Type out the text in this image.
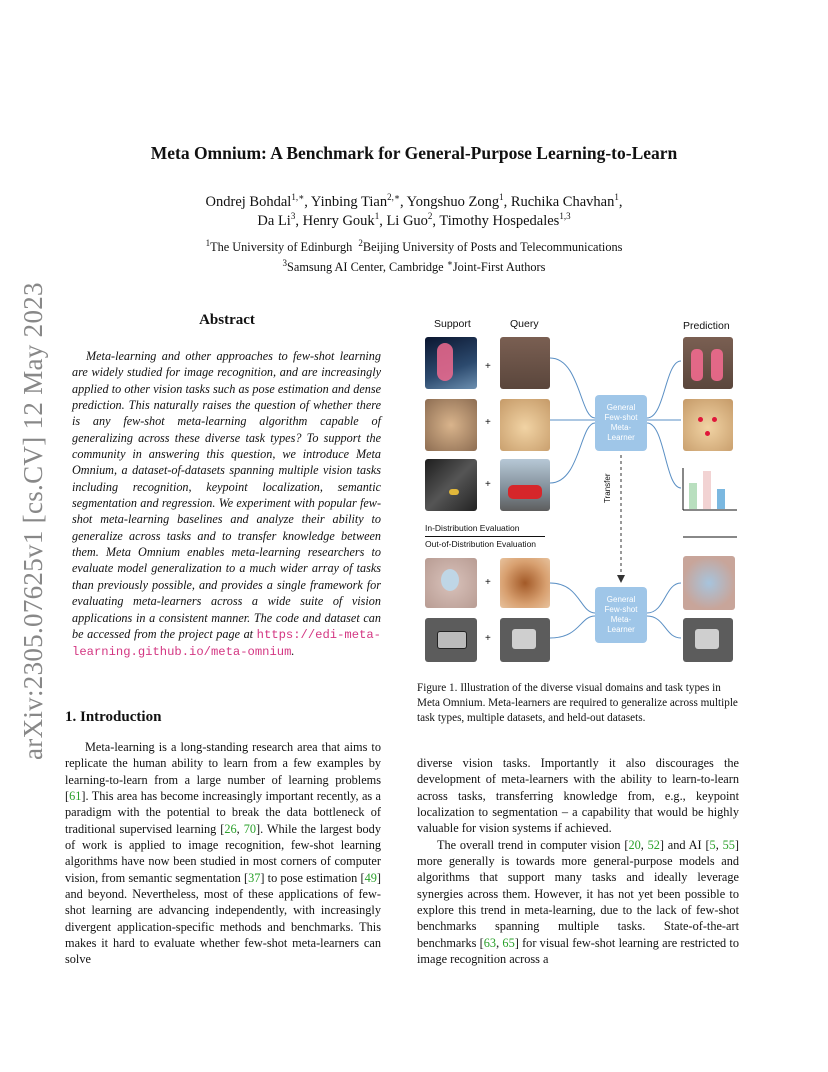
arXiv:2305.07625v1 [cs.CV] 12 May 2023
Meta Omnium: A Benchmark for General-Purpose Learning-to-Learn
Ondrej Bohdal$^{1,∗}$, Yinbing Tian$^{2,∗}$, Yongshuo Zong$^1$, Ruchika Chavhan$^1$,
Da Li$^3$, Henry Gouk$^1$, Li Guo$^2$, Timothy Hospedales$^{1,3}$
$^1$The University of Edinburgh $^2$Beijing University of Posts and Telecommunications
$^3$Samsung AI Center, Cambridge ∗Joint-First Authors
Abstract
Meta-learning and other approaches to few-shot learning are widely studied for image recognition, and are increasingly applied to other vision tasks such as pose estimation and dense prediction. This naturally raises the question of whether there is any few-shot meta-learning algorithm capable of generalizing across these diverse task types? To support the community in answering this question, we introduce Meta Omnium, a dataset-of-datasets spanning multiple vision tasks including recognition, keypoint localization, semantic segmentation and regression. We experiment with popular few-shot meta-learning baselines and analyze their ability to generalize across tasks and to transfer knowledge between them. Meta Omnium enables meta-learning researchers to evaluate model generalization to a much wider array of tasks than previously possible, and provides a single framework for evaluating meta-learners across a wide suite of vision applications in a consistent manner. The code and dataset can be accessed from the project page at https://edi-meta-learning.github.io/meta-omnium.
1. Introduction
Meta-learning is a long-standing research area that aims to replicate the human ability to learn from a few examples by learning-to-learn from a large number of learning problems [61]. This area has become increasingly important recently, as a paradigm with the potential to break the data bottleneck of traditional supervised learning [26, 70]. While the largest body of work is applied to image recognition, few-shot learning algorithms have now been studied in most corners of computer vision, from semantic segmentation [37] to pose estimation [49] and beyond. Nevertheless, most of these applications of few-shot learning are advancing independently, with increasingly divergent application-specific methods and benchmarks. This makes it hard to evaluate whether few-shot meta-learners can solve
Support	Query	Prediction
+
+
+
General
Few-shot
Meta-
Learner
General
Few-shot
Meta-
Learner
Transfer
In-Distribution Evaluation
Out-of-Distribution Evaluation
+
+
Figure 1. Illustration of the diverse visual domains and task types in Meta Omnium. Meta-learners are required to generalize across multiple task types, multiple datasets, and held-out datasets.

diverse vision tasks. Importantly it also discourages the development of meta-learners with the ability to learn-to-learn across tasks, transferring knowledge from, e.g., keypoint localization to segmentation – a capability that would be highly valuable for vision systems if achieved.

The overall trend in computer vision [20, 52] and AI [5, 55] more generally is towards more general-purpose models and algorithms that support many tasks and ideally leverage synergies across them. However, it has not yet been possible to explore this trend in meta-learning, due to the lack of few-shot benchmarks spanning multiple tasks. State-of-the-art benchmarks [63, 65] for visual few-shot learning are restricted to image recognition across a
